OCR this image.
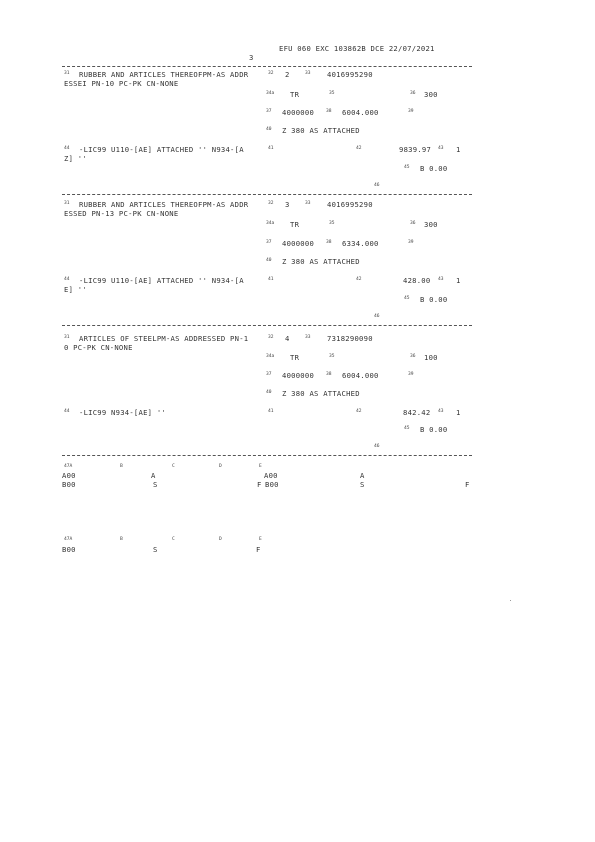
EFU 060 EXC 103862B DCE 22/07/2021
3
31 RUBBER AND ARTICLES THEREOFPM-AS ADDR
ESSEI PN-10 PC-PK CN-NONE
32 2	33 4016995290
34a TR	35	36 300
37 4000000	38 6004.000	39
40 Z 380 AS ATTACHED
44 -LIC99 U110-[AE] ATTACHED '' N934-[A
Z] ''
41	42	9839.97 43 1
45 B 0.00
46
31 RUBBER AND ARTICLES THEREOFPM-AS ADDR
ESSED PN-13 PC-PK CN-NONE
32 3	33 4016995290
34a TR	35	36 300
37 4000000	38 6334.000	39
40 Z 380 AS ATTACHED
44 -LIC99 U110-[AE] ATTACHED '' N934-[A
E] ''
41	42	428.00 43 1
45 B 0.00
46
31 ARTICLES OF STEELPM-AS ADDRESSED PN-1
0 PC-PK CN-NONE
32 4	33 7318290090
34a TR	35	36 100
37 4000000	38 6004.000	39
40 Z 380 AS ATTACHED
44 -LIC99 N934-[AE] ''	41	42	842.42 43 1
45 B 0.00
46
47A	B	C	D	E
A00	A	A00	A
B00	S	F B00	S	F
47A	B	C	D	E
B00	S	F
